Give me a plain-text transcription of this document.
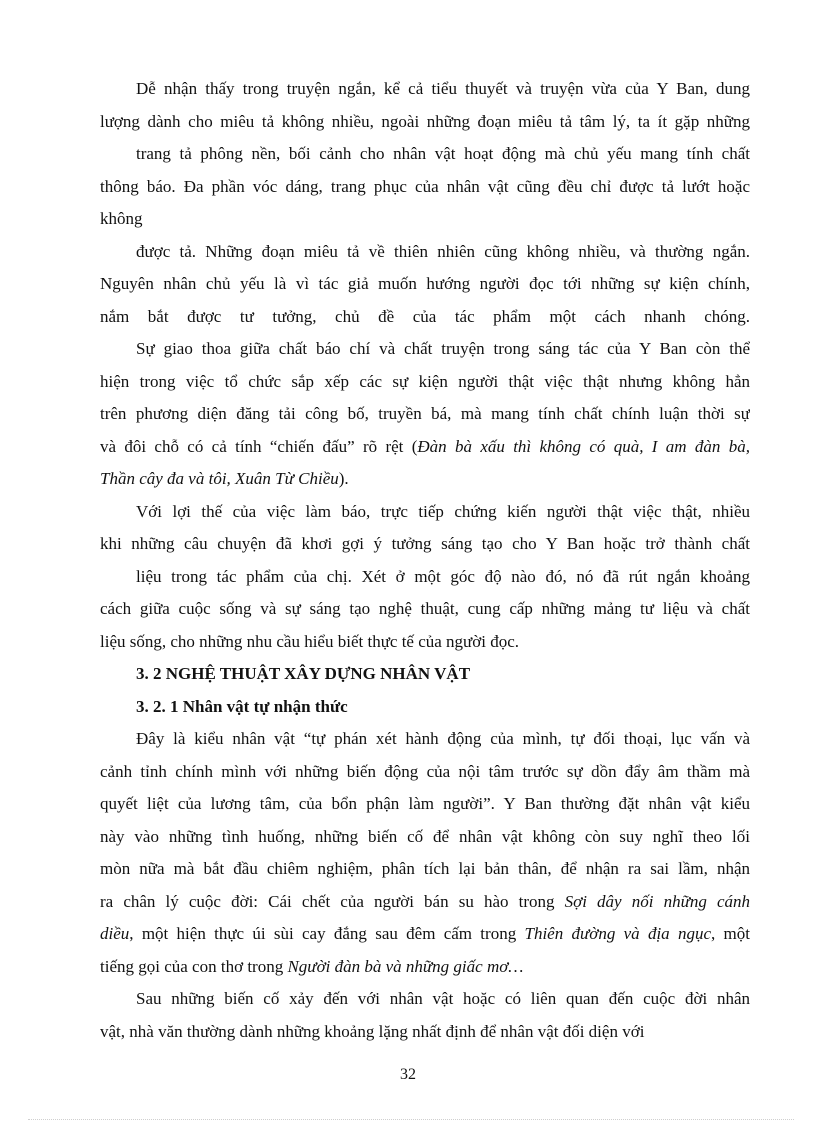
Dễ nhận thấy trong truyện ngắn, kể cả tiểu thuyết và truyện vừa của Y Ban, dung
lượng dành cho miêu tả không nhiều, ngoài những đoạn miêu tả tâm lý, ta ít gặp những
trang tả phông nền, bối cảnh cho nhân vật hoạt động mà chủ yếu mang tính chất
thông báo. Đa phần vóc dáng, trang phục của nhân vật cũng đều chỉ được tả lướt hoặc
không
được tả. Những đoạn miêu tả về thiên nhiên cũng không nhiều, và thường ngắn.
Nguyên nhân chủ yếu là vì tác giả muốn hướng người đọc tới những sự kiện chính,
nắm bắt được tư tưởng, chủ đề của tác phẩm một cách nhanh chóng.
Sự giao thoa giữa chất báo chí và chất truyện trong sáng tác của Y Ban còn thể
hiện trong việc tổ chức sắp xếp các sự kiện người thật việc thật nhưng không hẳn
trên phương diện đăng tải công bố, truyền bá, mà mang tính chất chính luận thời sự
và đôi chỗ có cả tính “chiến đấu” rõ rệt (Đàn bà xấu thì không có quà, I am đàn bà,
Thần cây đa và tôi, Xuân Từ Chiều).
Với lợi thế của việc làm báo, trực tiếp chứng kiến người thật việc thật, nhiều
khi những câu chuyện đã khơi gợi ý tưởng sáng tạo cho Y Ban hoặc trở thành chất
liệu trong tác phẩm của chị. Xét ở một góc độ nào đó, nó đã rút ngắn khoảng
cách giữa cuộc sống và sự sáng tạo nghệ thuật, cung cấp những mảng tư liệu và chất
liệu sống, cho những nhu cầu hiểu biết thực tế của người đọc.
3. 2 NGHỆ THUẬT XÂY DỰNG NHÂN VẬT
3. 2. 1 Nhân vật tự nhận thức
Đây là kiểu nhân vật “tự phán xét hành động của mình, tự đối thoại, lục vấn và
cảnh tỉnh chính mình với những biến động của nội tâm trước sự dồn đẩy âm thầm mà
quyết liệt của lương tâm, của bổn phận làm người”. Y Ban thường đặt nhân vật kiểu
này vào những tình huống, những biến cố để nhân vật không còn suy nghĩ theo lối
mòn nữa mà bắt đầu chiêm nghiệm, phân tích lại bản thân, để nhận ra sai lầm, nhận
ra chân lý cuộc đời: Cái chết của người bán su hào trong Sợi dây nối những cánh
diều, một hiện thực úi sùi cay đắng sau đêm cấm trong Thiên đường và địa ngục, một
tiếng gọi của con thơ trong Người đàn bà và những giấc mơ…
Sau những biến cố xảy đến với nhân vật hoặc có liên quan đến cuộc đời nhân
vật, nhà văn thường dành những khoảng lặng nhất định để nhân vật đối diện với
32
